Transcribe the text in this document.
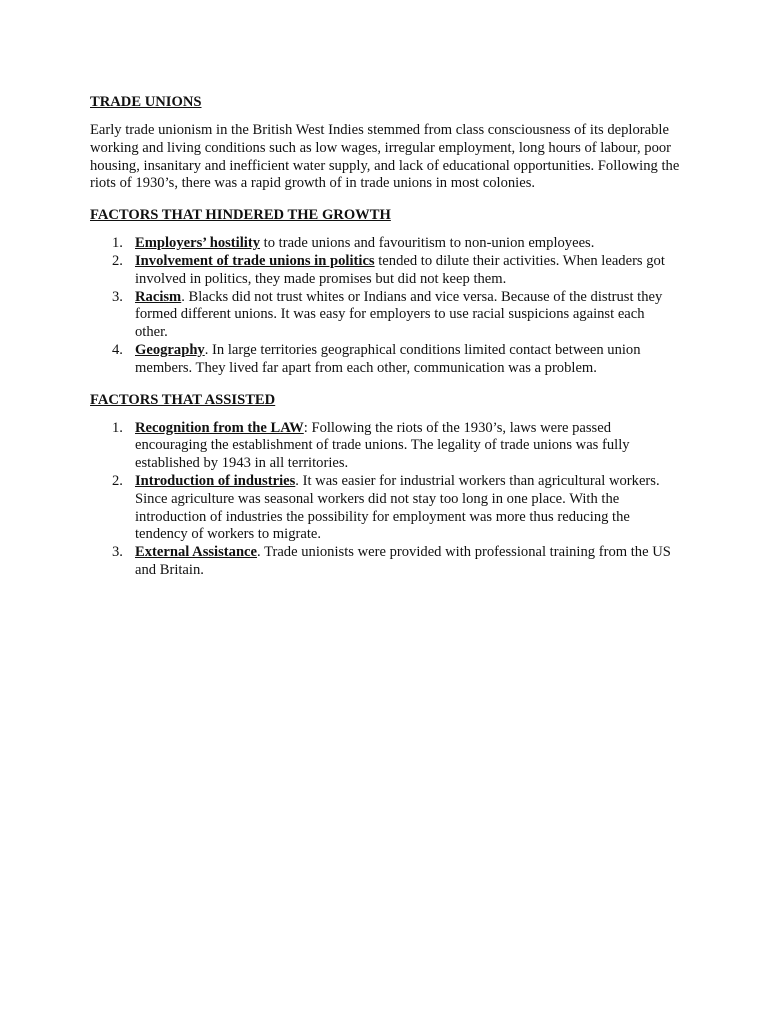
TRADE UNIONS

Early trade unionism in the British West Indies stemmed from class consciousness of its deplorable working and living conditions such as low wages, irregular employment, long hours of labour, poor housing, insanitary and inefficient water supply, and lack of educational opportunities. Following the riots of 1930’s, there was a rapid growth of in trade unions in most colonies.

FACTORS THAT HINDERED THE GROWTH

1. Employers’ hostility to trade unions and favouritism to non-union employees.
2. Involvement of trade unions in politics tended to dilute their activities. When leaders got involved in politics, they made promises but did not keep them.
3. Racism. Blacks did not trust whites or Indians and vice versa. Because of the distrust they formed different unions. It was easy for employers to use racial suspicions against each other.
4. Geography. In large territories geographical conditions limited contact between union members. They lived far apart from each other, communication was a problem.

FACTORS THAT ASSISTED

1. Recognition from the LAW: Following the riots of the 1930’s, laws were passed encouraging the establishment of trade unions. The legality of trade unions was fully established by 1943 in all territories.
2. Introduction of industries. It was easier for industrial workers than agricultural workers. Since agriculture was seasonal workers did not stay too long in one place. With the introduction of industries the possibility for employment was more thus reducing the tendency of workers to migrate.
3. External Assistance. Trade unionists were provided with professional training from the US and Britain.
